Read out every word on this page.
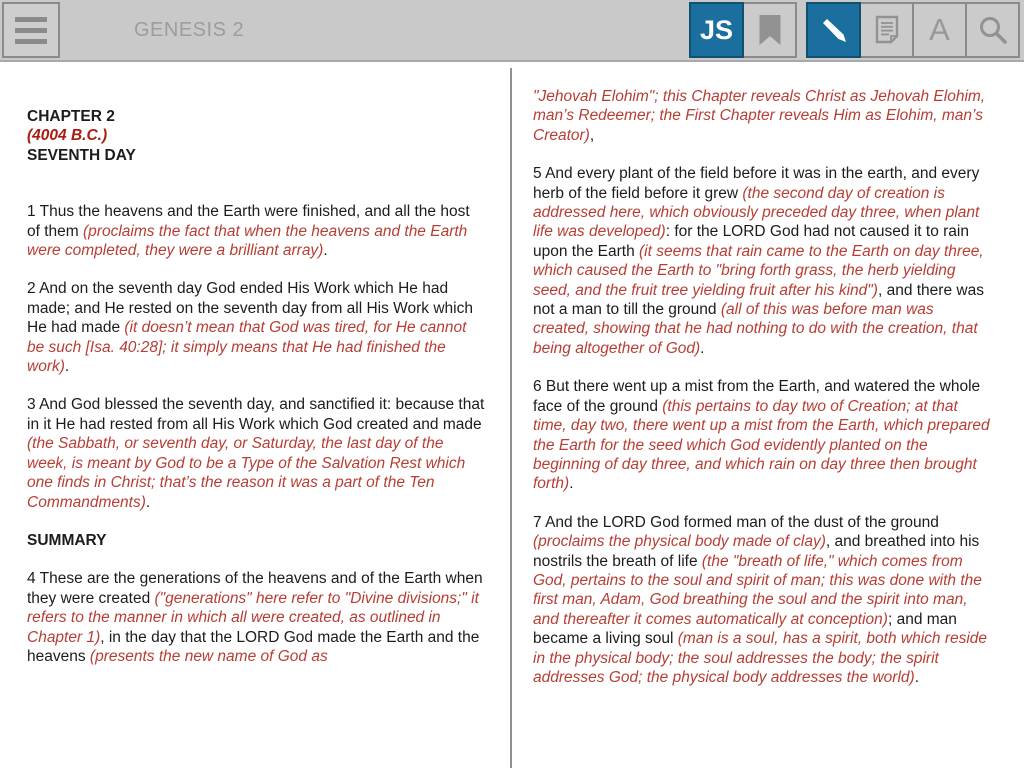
GENESIS 2	JS	A

CHAPTER 2

(4004 B.C.)

SEVENTH DAY

1 Thus the heavens and the Earth were finished, and all the host of them (proclaims the fact that when the heavens and the Earth were completed, they were a brilliant array).

2 And on the seventh day God ended His Work which He had made; and He rested on the seventh day from all His Work which He had made (it doesn’t mean that God was tired, for He cannot be such [Isa. 40:28]; it simply means that He had finished the work).

3 And God blessed the seventh day, and sanctified it: because that in it He had rested from all His Work which God created and made (the Sabbath, or seventh day, or Saturday, the last day of the week, is meant by God to be a Type of the Salvation Rest which one finds in Christ; that’s the reason it was a part of the Ten Commandments).

SUMMARY

4 These are the generations of the heavens and of the Earth when they were created ("generations" here refer to "Divine divisions;" it refers to the manner in which all were created, as outlined in Chapter 1), in the day that the LORD God made the Earth and the heavens (presents the new name of God as

"Jehovah Elohim"; this Chapter reveals Christ as Jehovah Elohim, man’s Redeemer; the First Chapter reveals Him as Elohim, man’s Creator),

5 And every plant of the field before it was in the earth, and every herb of the field before it grew (the second day of creation is addressed here, which obviously preceded day three, when plant life was developed): for the LORD God had not caused it to rain upon the Earth (it seems that rain came to the Earth on day three, which caused the Earth to "bring forth grass, the herb yielding seed, and the fruit tree yielding fruit after his kind"), and there was not a man to till the ground (all of this was before man was created, showing that he had nothing to do with the creation, that being altogether of God).

6 But there went up a mist from the Earth, and watered the whole face of the ground (this pertains to day two of Creation; at that time, day two, there went up a mist from the Earth, which prepared the Earth for the seed which God evidently planted on the beginning of day three, and which rain on day three then brought forth).

7 And the LORD God formed man of the dust of the ground (proclaims the physical body made of clay), and breathed into his nostrils the breath of life (the "breath of life," which comes from God, pertains to the soul and spirit of man; this was done with the first man, Adam, God breathing the soul and the spirit into man, and thereafter it comes automatically at conception); and man became a living soul (man is a soul, has a spirit, both which reside in the physical body; the soul addresses the body; the spirit addresses God; the physical body addresses the world).
